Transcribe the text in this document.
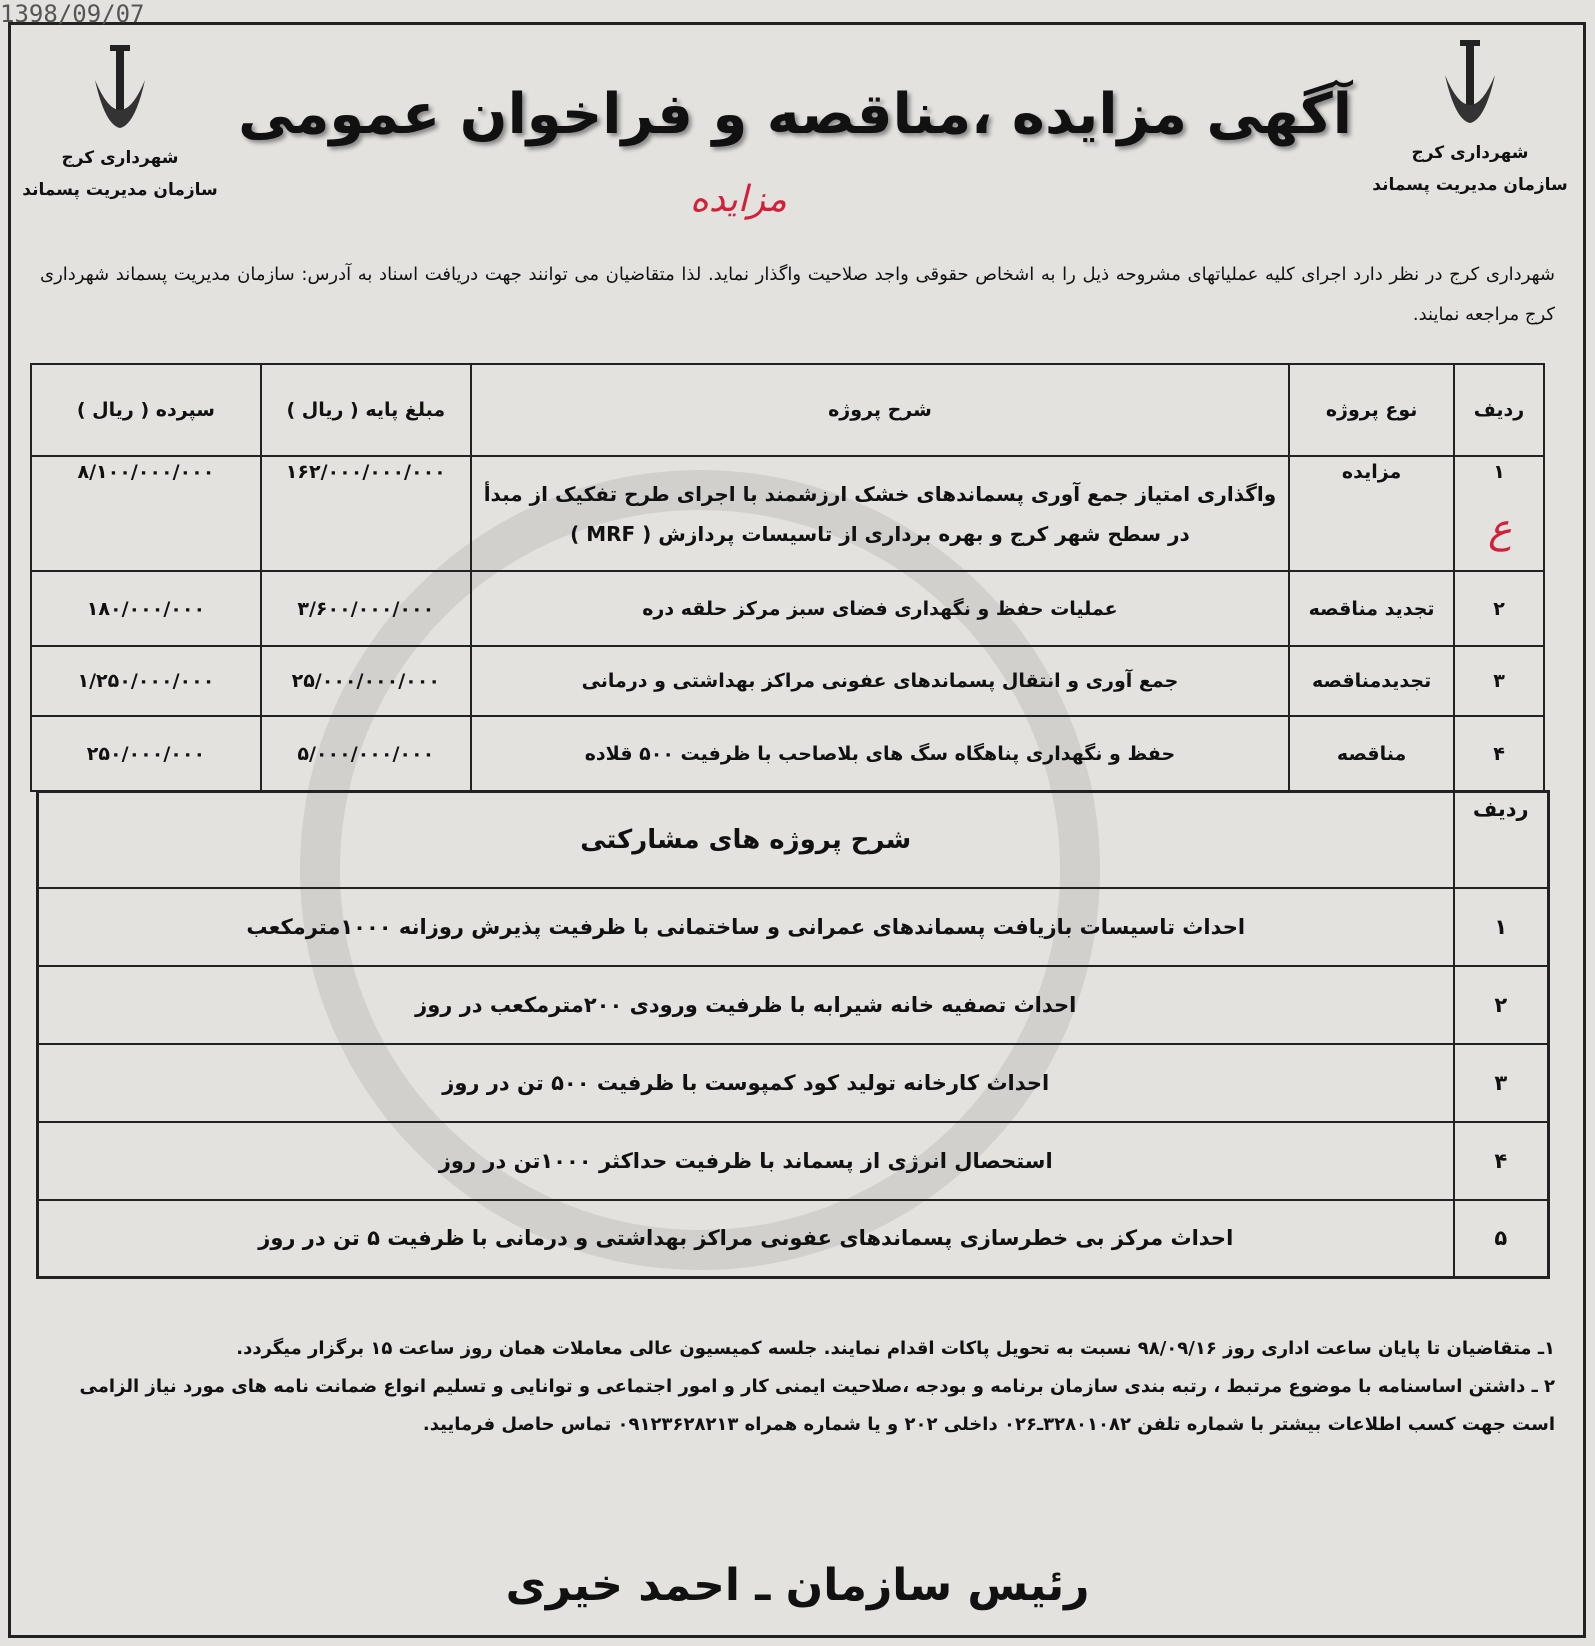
1398/09/07
شهرداری کرج
سازمان مدیریت پسماند
شهرداری کرج
سازمان مدیریت پسماند
آگهی مزایده ،مناقصه و فراخوان عمومی
مزایده
شهرداری کرج در نظر دارد اجرای کلیه عملیاتهای مشروحه ذیل را به اشخاص حقوقی واجد صلاحیت واگذار نماید. لذا متقاضیان می توانند جهت دریافت اسناد به آدرس: سازمان مدیریت پسماند شهرداری کرج مراجعه نمایند.
ردیف	نوع پروژه	شرح پروژه	مبلغ پایه ( ریال )	سپرده ( ریال )
۱	مزایده	واگذاری امتیاز جمع آوری پسماندهای خشک ارزشمند با اجرای طرح تفکیک از مبدأ در سطح شهر کرج و بهره برداری از تاسیسات پردازش ( MRF )	۱۶۲/۰۰۰/۰۰۰/۰۰۰	۸/۱۰۰/۰۰۰/۰۰۰
۲	تجدید مناقصه	عملیات حفظ و نگهداری فضای سبز مرکز حلقه دره	۳/۶۰۰/۰۰۰/۰۰۰	۱۸۰/۰۰۰/۰۰۰
۳	تجدیدمناقصه	جمع آوری و انتقال پسماندهای عفونی مراکز بهداشتی و درمانی	۲۵/۰۰۰/۰۰۰/۰۰۰	۱/۲۵۰/۰۰۰/۰۰۰
۴	مناقصه	حفظ و نگهداری پناهگاه سگ های بلاصاحب با ظرفیت ۵۰۰ قلاده	۵/۰۰۰/۰۰۰/۰۰۰	۲۵۰/۰۰۰/۰۰۰
ع
ردیف	شرح پروژه های مشارکتی
۱	احداث تاسیسات بازیافت پسماندهای عمرانی و ساختمانی با ظرفیت پذیرش روزانه ۱۰۰۰مترمکعب
۲	احداث تصفیه خانه شیرابه با ظرفیت ورودی ۲۰۰مترمکعب در روز
۳	احداث کارخانه تولید کود کمپوست با ظرفیت ۵۰۰ تن در روز
۴	استحصال انرژی از پسماند با ظرفیت حداکثر ۱۰۰۰تن در روز
۵	احداث مرکز بی خطرسازی پسماندهای عفونی مراکز بهداشتی و درمانی با ظرفیت ۵ تن در روز

۱ـ متقاضیان تا پایان ساعت اداری روز ۹۸/۰۹/۱۶ نسبت به تحویل پاکات اقدام نمایند. جلسه کمیسیون عالی معاملات همان روز ساعت ۱۵ برگزار میگردد.

۲ ـ داشتن اساسنامه با موضوع مرتبط ، رتبه بندی سازمان برنامه و بودجه ،صلاحیت ایمنی کار و امور اجتماعی و توانایی و تسلیم انواع ضمانت نامه های مورد نیاز الزامی است جهت کسب اطلاعات بیشتر با شماره تلفن ۳۲۸۰۱۰۸۲ـ۰۲۶ داخلی ۲۰۲ و یا شماره همراه ۰۹۱۲۳۶۲۸۲۱۳ تماس حاصل فرمایید.

رئیس سازمان ـ احمد خیری
